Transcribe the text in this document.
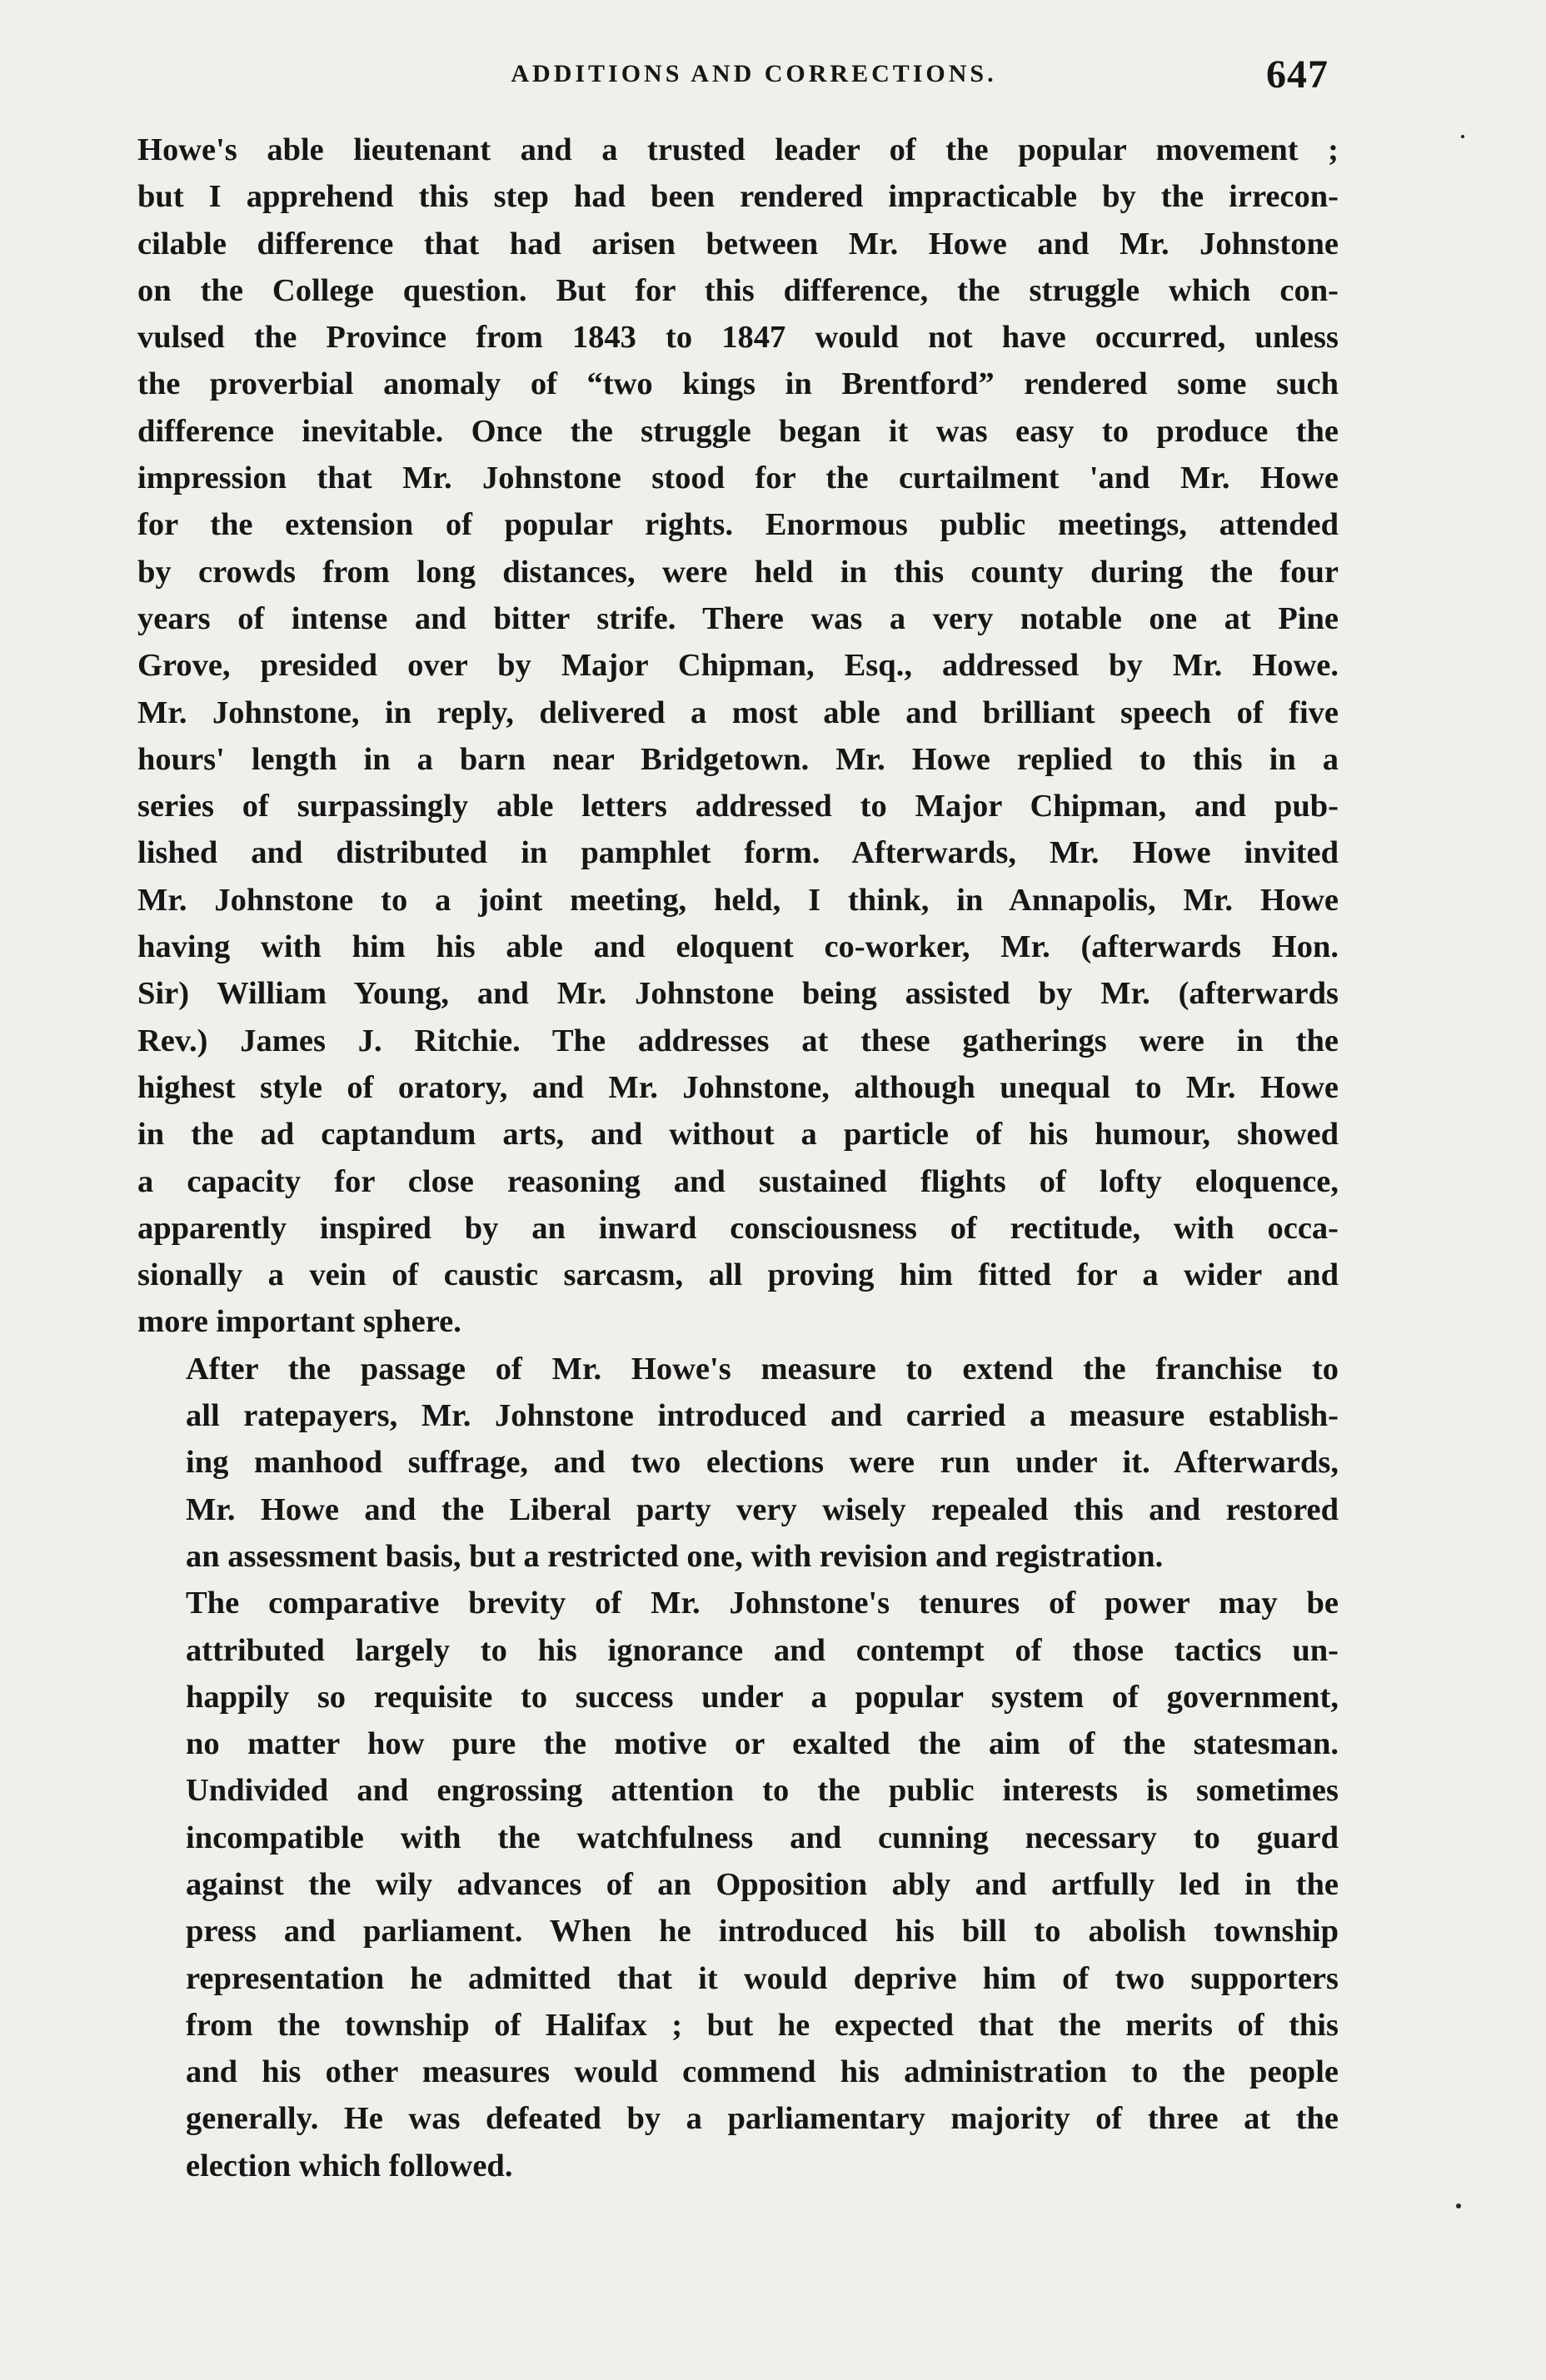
ADDITIONS AND CORRECTIONS.	647

Howe's able lieutenant and a trusted leader of the popular movement ;
but I apprehend this step had been rendered impracticable by the irrecon-
cilable difference that had arisen between Mr. Howe and Mr. Johnstone
on the College question. But for this difference, the struggle which con-
vulsed the Province from 1843 to 1847 would not have occurred, unless
the proverbial anomaly of “two kings in Brentford” rendered some such
difference inevitable. Once the struggle began it was easy to produce the
impression that Mr. Johnstone stood for the curtailment 'and Mr. Howe
for the extension of popular rights. Enormous public meetings, attended
by crowds from long distances, were held in this county during the four
years of intense and bitter strife. There was a very notable one at Pine
Grove, presided over by Major Chipman, Esq., addressed by Mr. Howe.
Mr. Johnstone, in reply, delivered a most able and brilliant speech of five
hours' length in a barn near Bridgetown. Mr. Howe replied to this in a
series of surpassingly able letters addressed to Major Chipman, and pub-
lished and distributed in pamphlet form. Afterwards, Mr. Howe invited
Mr. Johnstone to a joint meeting, held, I think, in Annapolis, Mr. Howe
having with him his able and eloquent co-worker, Mr. (afterwards Hon.
Sir) William Young, and Mr. Johnstone being assisted by Mr. (afterwards
Rev.) James J. Ritchie. The addresses at these gatherings were in the
highest style of oratory, and Mr. Johnstone, although unequal to Mr. Howe
in the ad captandum arts, and without a particle of his humour, showed
a capacity for close reasoning and sustained flights of lofty eloquence,
apparently inspired by an inward consciousness of rectitude, with occa-
sionally a vein of caustic sarcasm, all proving him fitted for a wider and
more important sphere.

After the passage of Mr. Howe's measure to extend the franchise to
all ratepayers, Mr. Johnstone introduced and carried a measure establish-
ing manhood suffrage, and two elections were run under it. Afterwards,
Mr. Howe and the Liberal party very wisely repealed this and restored
an assessment basis, but a restricted one, with revision and registration.

The comparative brevity of Mr. Johnstone's tenures of power may be
attributed largely to his ignorance and contempt of those tactics un-
happily so requisite to success under a popular system of government,
no matter how pure the motive or exalted the aim of the statesman.
Undivided and engrossing attention to the public interests is sometimes
incompatible with the watchfulness and cunning necessary to guard
against the wily advances of an Opposition ably and artfully led in the
press and parliament. When he introduced his bill to abolish township
representation he admitted that it would deprive him of two supporters
from the township of Halifax ; but he expected that the merits of this
and his other measures would commend his administration to the people
generally. He was defeated by a parliamentary majority of three at the
election which followed.
